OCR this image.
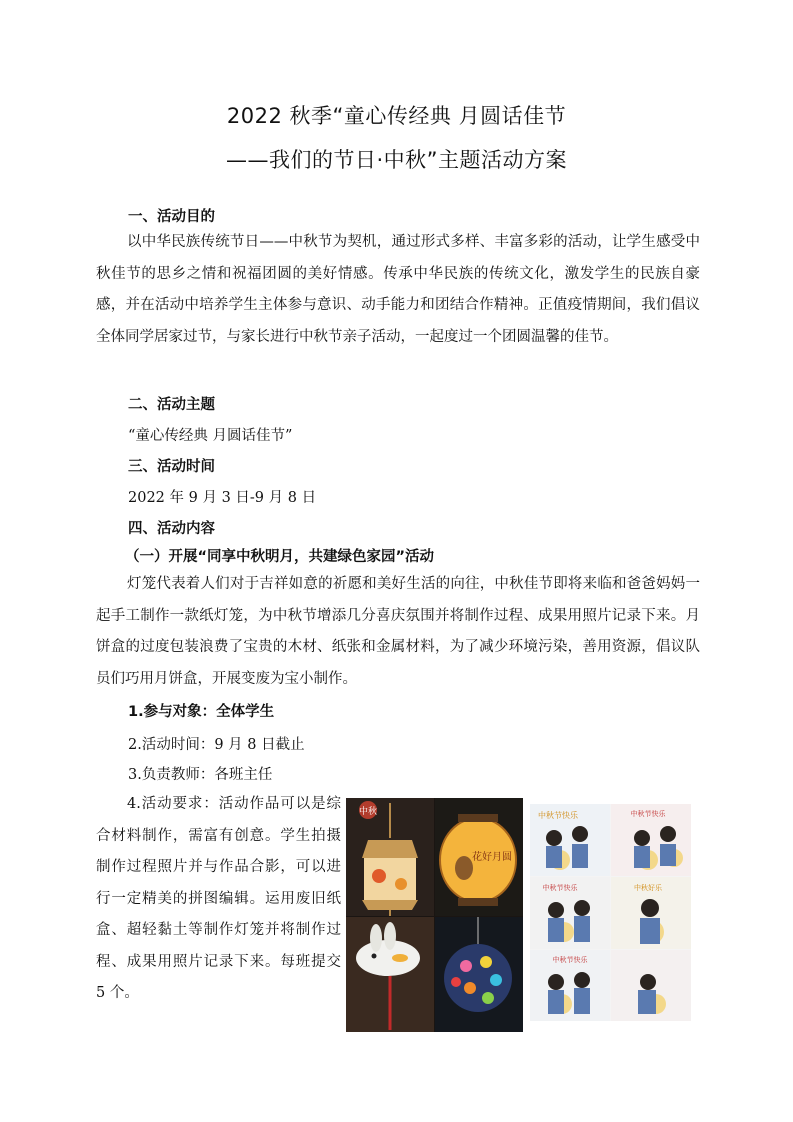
2022 秋季“童心传经典 月圆话佳节
——我们的节日·中秋”主题活动方案
一、活动目的
以中华民族传统节日——中秋节为契机，通过形式多样、丰富多彩的活动，让学生感受中秋佳节的思乡之情和祝福团圆的美好情感。传承中华民族的传统文化，激发学生的民族自豪感，并在活动中培养学生主体参与意识、动手能力和团结合作精神。正值疫情期间，我们倡议全体同学居家过节，与家长进行中秋节亲子活动，一起度过一个团圆温馨的佳节。
二、活动主题
“童心传经典 月圆话佳节”
三、活动时间
2022 年 9 月 3 日-9 月 8 日
四、活动内容
（一）开展“同享中秋明月，共建绿色家园”活动
灯笼代表着人们对于吉祥如意的祈愿和美好生活的向往，中秋佳节即将来临和爸爸妈妈一起手工制作一款纸灯笼，为中秋节增添几分喜庆氛围并将制作过程、成果用照片记录下来。月饼盒的过度包装浪费了宝贵的木材、纸张和金属材料，为了减少环境污染，善用资源，倡议队员们巧用月饼盒，开展变废为宝小制作。
1.参与对象：全体学生
2.活动时间：9 月 8 日截止
3.负责教师：各班主任
4.活动要求：活动作品可以是综合材料制作，需富有创意。学生拍摄制作过程照片并与作品合影，可以进行一定精美的拼图编辑。运用废旧纸盒、超轻黏土等制作灯笼并将制作过程、成果用照片记录下来。每班提交 5 个。
中秋
花好月圆
中秋节快乐	中秋节快乐
中秋节快乐	中秋好乐
中秋节快乐
